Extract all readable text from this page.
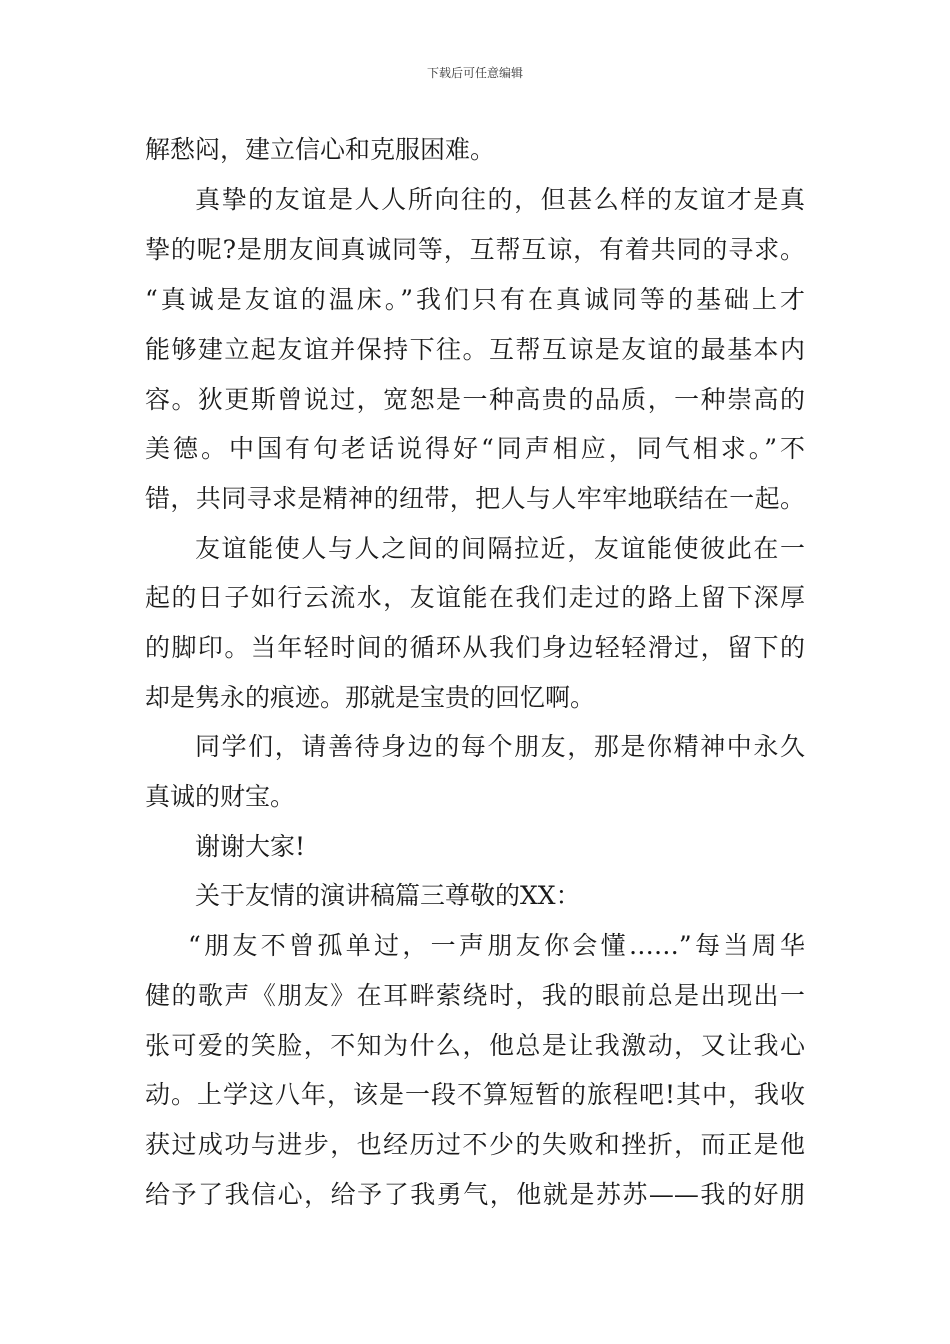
下载后可任意编辑
解愁闷，建立信心和克服困难。
真挚的友谊是人人所向往的，但甚么样的友谊才是真
挚的呢?是朋友间真诚同等，互帮互谅，有着共同的寻求。
“真诚是友谊的温床。”我们只有在真诚同等的基础上才
能够建立起友谊并保持下往。互帮互谅是友谊的最基本内
容。狄更斯曾说过，宽恕是一种高贵的品质，一种崇高的
美德。中国有句老话说得好“同声相应，同气相求。”不
错，共同寻求是精神的纽带，把人与人牢牢地联结在一起。
友谊能使人与人之间的间隔拉近，友谊能使彼此在一
起的日子如行云流水，友谊能在我们走过的路上留下深厚
的脚印。当年轻时间的循环从我们身边轻轻滑过，留下的
却是隽永的痕迹。那就是宝贵的回忆啊。
同学们，请善待身边的每个朋友，那是你精神中永久
真诚的财宝。
谢谢大家!
关于友情的演讲稿篇三尊敬的XX：
“朋友不曾孤单过，一声朋友你会懂……”每当周华
健的歌声《朋友》在耳畔萦绕时，我的眼前总是出现出一
张可爱的笑脸，不知为什么，他总是让我激动，又让我心
动。上学这八年，该是一段不算短暂的旅程吧!其中，我收
获过成功与进步，也经历过不少的失败和挫折，而正是他
给予了我信心，给予了我勇气，他就是苏苏——我的好朋
